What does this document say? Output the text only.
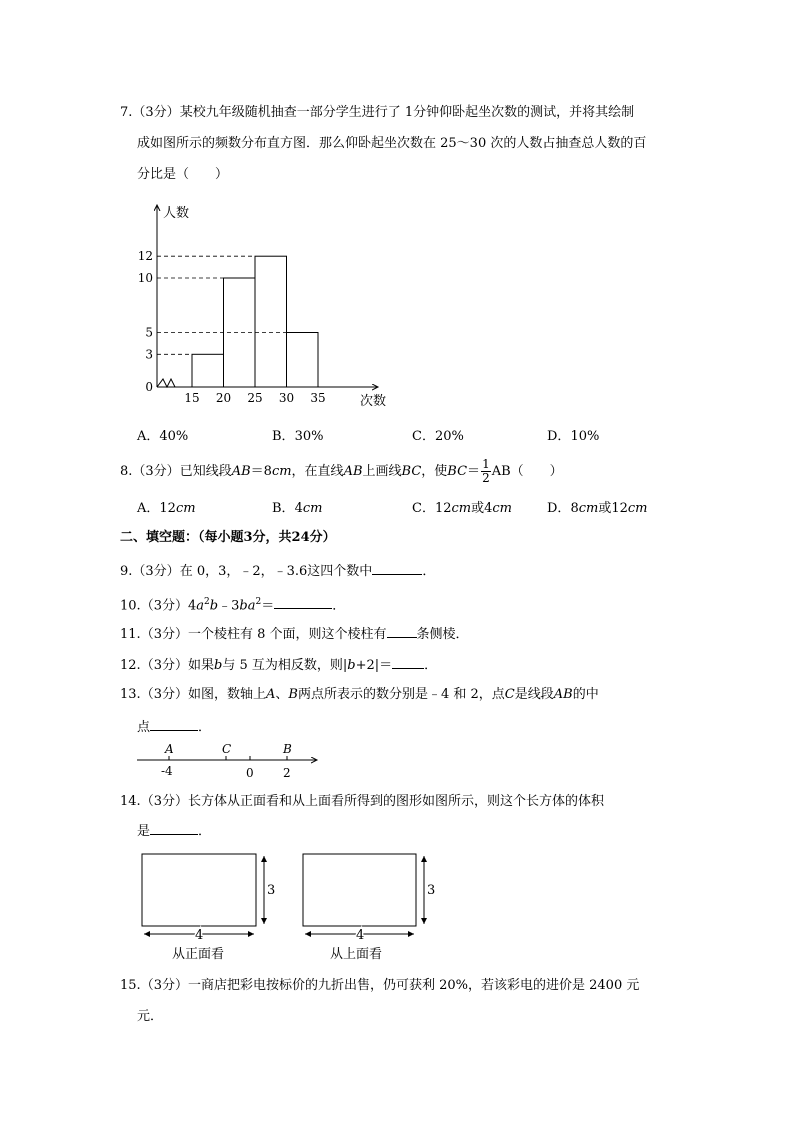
7.（3分）某校九年级随机抽查一部分学生进行了 1分钟仰卧起坐次数的测试，并将其绘制
成如图所示的频数分布直方图．那么仰卧起坐次数在 25～30 次的人数占抽查总人数的百
分比是（　　）
3
5
10
12
0
15 20 25 30 35
人数
次数
A．40%	B．30%	C．20%	D．10%
8.（3分）已知线段AB＝8cm，在直线AB上画线BC，使$BC= \frac{1}{2} AB$（　　）
A．12cm	B．4cm	C．12cm或4cm	D．8cm或12cm
二、填空题：（每小题3分，共24分）
9.（3分）在 0，3，﹣2，﹣3.6这四个数中	．
10.（3分）$4a^2b﹣3ba^2=$	．
11.（3分）一个棱柱有 8 个面，则这个棱柱有 条侧棱．
12.（3分）如果b与 5 互为相反数，则|b+2|＝ ．
13.（3分）如图，数轴上A、B两点所表示的数分别是﹣4 和 2，点C是线段AB的中
点	．
A	C	B
-4	0 2
14.（3分）长方体从正面看和从上面看所得到的图形如图所示，则这个长方体的体积
是	．
3
4
从正面看
3
4
从上面看
15.（3分）一商店把彩电按标价的九折出售，仍可获利 20%，若该彩电的进价是 2400 元
元．
